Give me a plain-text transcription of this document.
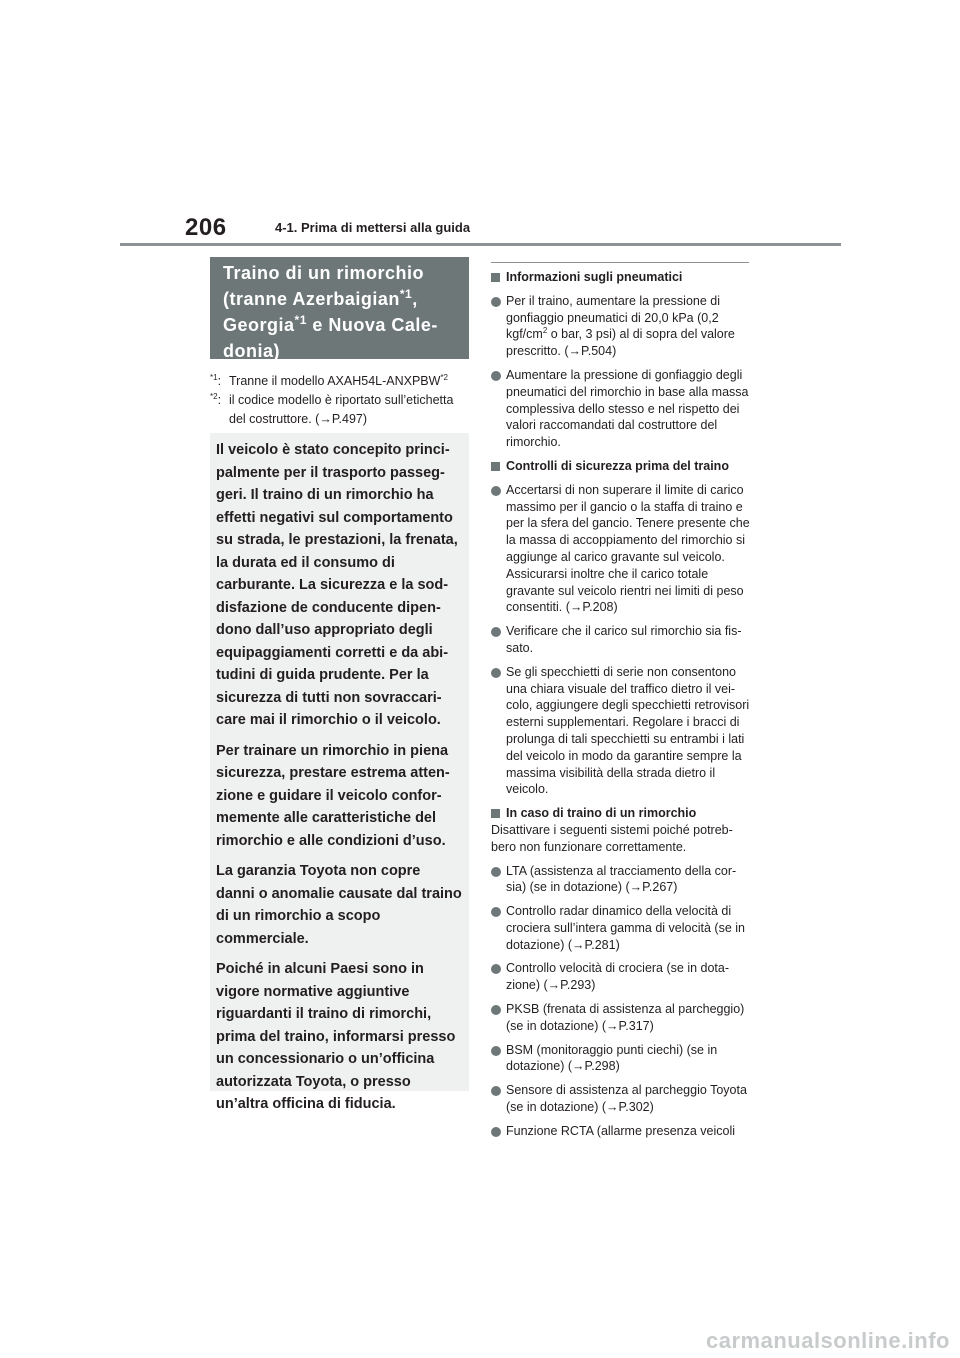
206	4-1. Prima di mettersi alla guida
Traino di un rimorchio
(tranne Azerbaigian$^{*1}$,
Georgia$^{*1}$ e Nuova Cale-
donia)
$^{*1}$: Tranne il modello AXAH54L-ANXPBW$^{*2}$
$^{*2}$: il codice modello è riportato sull’etichetta del costruttore. (→P.497)

Il veicolo è stato concepito principalmente per il trasporto passeggeri. Il traino di un rimorchio ha effetti negativi sul comportamento su strada, le prestazioni, la frenata, la durata ed il consumo di carburante. La sicurezza e la soddisfazione de conducente dipendono dall’uso appropriato degli equipaggiamenti corretti e da abitudini di guida prudente. Per la sicurezza di tutti non sovraccaricare mai il rimorchio o il veicolo.

Per trainare un rimorchio in piena sicurezza, prestare estrema attenzione e guidare il veicolo conformemente alle caratteristiche del rimorchio e alle condizioni d’uso.

La garanzia Toyota non copre danni o anomalie causate dal traino di un rimorchio a scopo commerciale.

Poiché in alcuni Paesi sono in vigore normative aggiuntive riguardanti il traino di rimorchi, prima del traino, informarsi presso un concessionario o un’officina autorizzata Toyota, o presso un’altra officina di fiducia.

Informazioni sugli pneumatici
Per il traino, aumentare la pressione di gonfiaggio pneumatici di 20,0 kPa (0,2 kgf/$cm^2$ o bar, 3 psi) al di sopra del valore prescritto. (→P.504)
Aumentare la pressione di gonfiaggio degli pneumatici del rimorchio in base alla massa complessiva dello stesso e nel rispetto dei valori raccomandati dal costruttore del rimorchio.
Controlli di sicurezza prima del traino
Accertarsi di non superare il limite di carico massimo per il gancio o la staffa di traino e per la sfera del gancio. Tenere presente che la massa di accoppiamento del rimorchio si aggiunge al carico gravante sul veicolo. Assicurarsi inoltre che il carico totale gravante sul veicolo rientri nei limiti di peso consentiti. (→P.208)
Verificare che il carico sul rimorchio sia fissato.
Se gli specchietti di serie non consentono una chiara visuale del traffico dietro il veicolo, aggiungere degli specchietti retrovisori esterni supplementari. Regolare i bracci di prolunga di tali specchietti su entrambi i lati del veicolo in modo da garantire sempre la massima visibilità della strada dietro il veicolo.
In caso di traino di un rimorchio
Disattivare i seguenti sistemi poiché potrebbero non funzionare correttamente.
LTA (assistenza al tracciamento della corsia) (se in dotazione) (→P.267)
Controllo radar dinamico della velocità di crociera sull’intera gamma di velocità (se in dotazione) (→P.281)
Controllo velocità di crociera (se in dotazione) (→P.293)
PKSB (frenata di assistenza al parcheggio) (se in dotazione) (→P.317)
BSM (monitoraggio punti ciechi) (se in dotazione) (→P.298)
Sensore di assistenza al parcheggio Toyota (se in dotazione) (→P.302)
Funzione RCTA (allarme presenza veicoli
carmanualsonline.info
